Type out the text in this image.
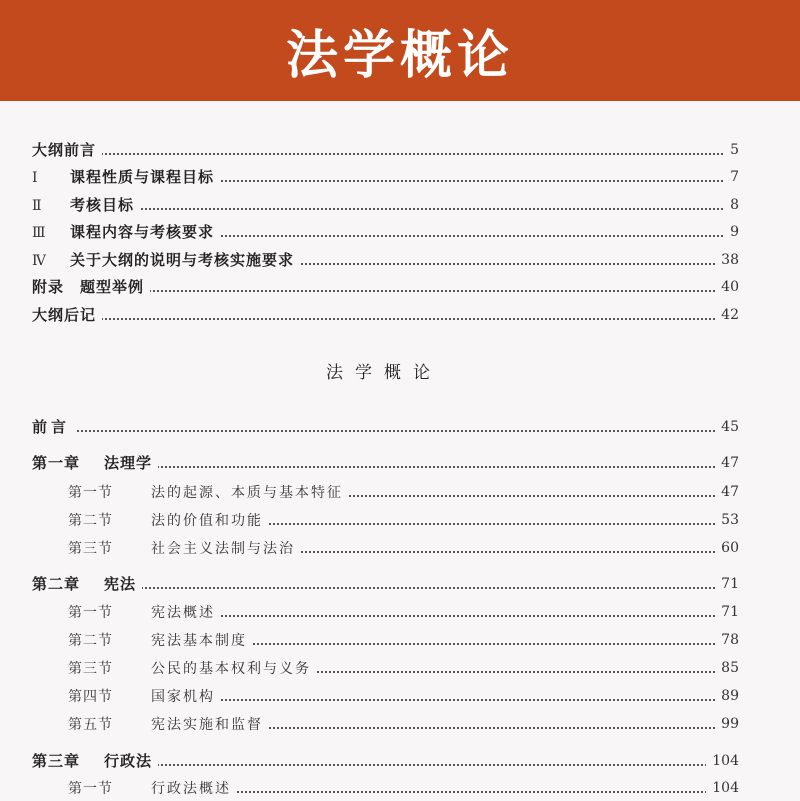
法学概论
大纲前言	5
Ⅰ 课程性质与课程目标	7
Ⅱ 考核目标	8
Ⅲ 课程内容与考核要求	9
Ⅳ 关于大纲的说明与考核实施要求	38
附录　题型举例	40
大纲后记	42
法学概论
前言	45
第一章 法理学	47
第一节	法的起源、本质与基本特征	47
第二节	法的价值和功能	53
第三节	社会主义法制与法治	60
第二章 宪法	71
第一节	宪法概述	71
第二节	宪法基本制度	78
第三节	公民的基本权利与义务	85
第四节	国家机构	89
第五节	宪法实施和监督	99
第三章 行政法	104
第一节	行政法概述	104
